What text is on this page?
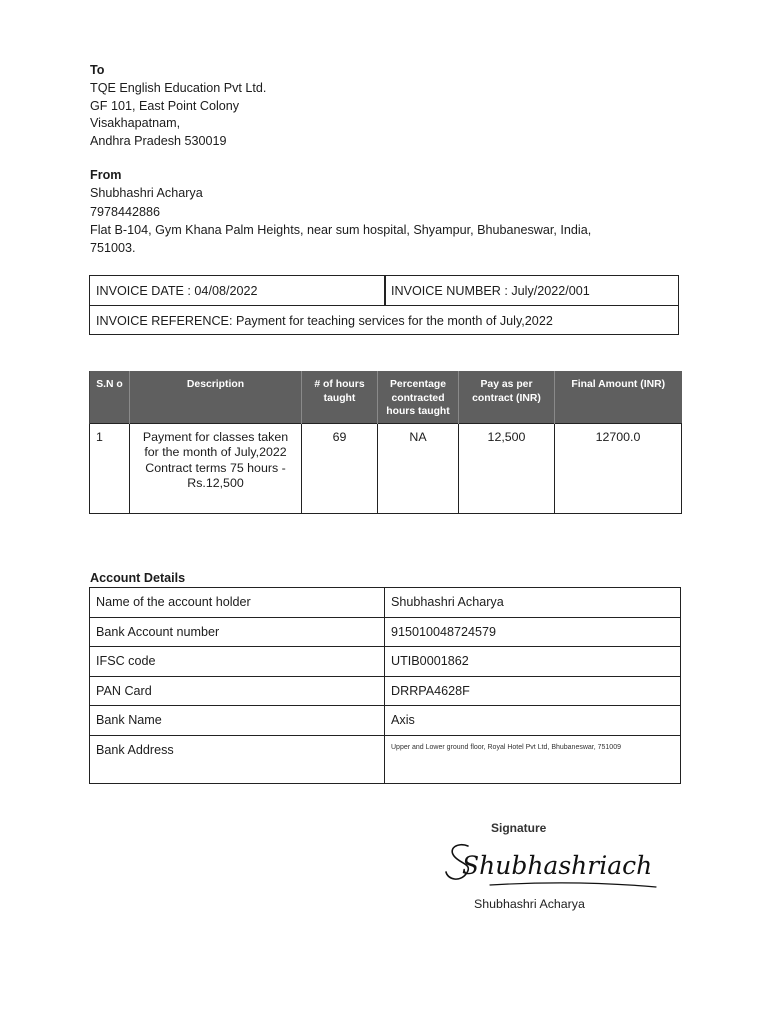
To
TQE English Education Pvt Ltd.
GF 101, East Point Colony
Visakhapatnam,
Andhra Pradesh 530019
From
Shubhashri Acharya
7978442886
Flat B-104, Gym Khana Palm Heights, near sum hospital, Shyampur, Bhubaneswar, India,
751003.
INVOICE DATE : 04/08/2022	INVOICE NUMBER : July/2022/001
INVOICE REFERENCE: Payment for teaching services for the month of July,2022
S.N o	Description	# of hours taught	Percentage contracted hours taught	Pay as per contract (INR)	Final Amount (INR)
1	Payment for classes taken for the month of July,2022 Contract terms 75 hours - Rs.12,500	69	NA	12,500	12700.0
Account Details
Name of the account holder	Shubhashri Acharya
Bank Account number	915010048724579
IFSC code	UTIB0001862
PAN Card	DRRPA4628F
Bank Name	Axis
Bank Address	Upper and Lower ground floor, Royal Hotel Pvt Ltd, Bhubaneswar, 751009
Signature
Shubhashriach
Shubhashri Acharya
